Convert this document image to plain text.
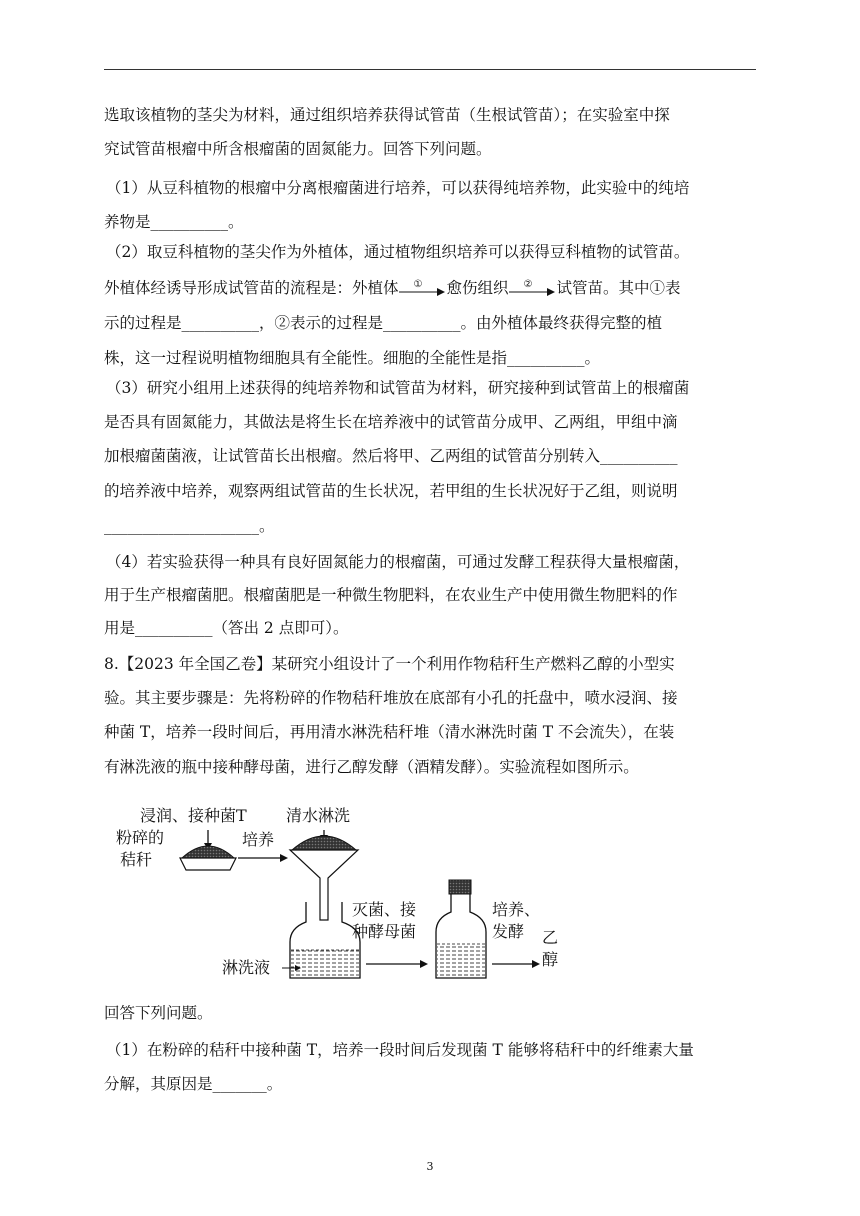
选取该植物的茎尖为材料，通过组织培养获得试管苗（生根试管苗）；在实验室中探
究试管苗根瘤中所含根瘤菌的固氮能力。回答下列问题。
（1）从豆科植物的根瘤中分离根瘤菌进行培养，可以获得纯培养物，此实验中的纯培
养物是__________。
（2）取豆科植物的茎尖作为外植体，通过植物组织培养可以获得豆科植物的试管苗。
外植体经诱导形成试管苗的流程是：外植体 ① 愈伤组织 ② 试管苗。其中①表
示的过程是__________，②表示的过程是__________。由外植体最终获得完整的植
株，这一过程说明植物细胞具有全能性。细胞的全能性是指__________。
（3）研究小组用上述获得的纯培养物和试管苗为材料，研究接种到试管苗上的根瘤菌
是否具有固氮能力，其做法是将生长在培养液中的试管苗分成甲、乙两组，甲组中滴
加根瘤菌菌液，让试管苗长出根瘤。然后将甲、乙两组的试管苗分别转入__________
的培养液中培养，观察两组试管苗的生长状况，若甲组的生长状况好于乙组，则说明
____________________。
（4）若实验获得一种具有良好固氮能力的根瘤菌，可通过发酵工程获得大量根瘤菌，
用于生产根瘤菌肥。根瘤菌肥是一种微生物肥料，在农业生产中使用微生物肥料的作
用是__________（答出 2 点即可）。
8.【2023 年全国乙卷】某研究小组设计了一个利用作物秸秆生产燃料乙醇的小型实
验。其主要步骤是：先将粉碎的作物秸秆堆放在底部有小孔的托盘中，喷水浸润、接
种菌 T，培养一段时间后，再用清水淋洗秸秆堆（清水淋洗时菌 T 不会流失），在装
有淋洗液的瓶中接种酵母菌，进行乙醇发酵（酒精发酵）。实验流程如图所示。
浸润、接种菌T 清水淋洗
粉碎的
秸秆
培养
灭菌、接
种酵母菌
培养、
发酵 乙
醇
淋洗液
回答下列问题。
（1）在粉碎的秸秆中接种菌 T，培养一段时间后发现菌 T 能够将秸秆中的纤维素大量
分解，其原因是_______。
3
